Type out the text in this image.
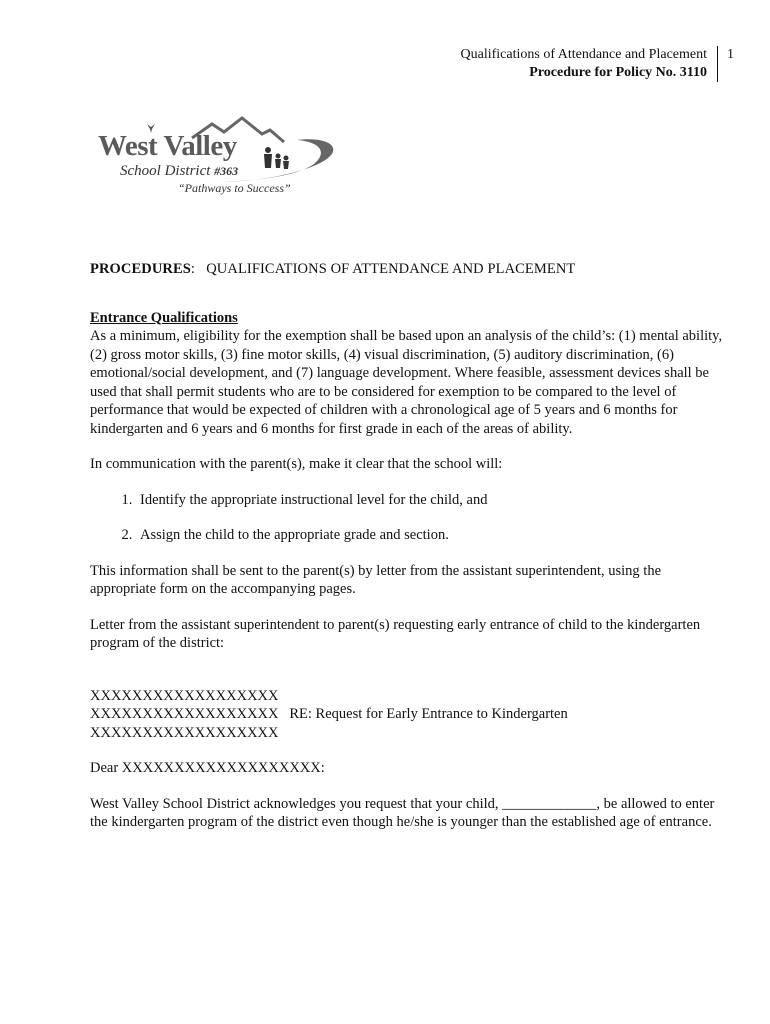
Qualifications of Attendance and Placement
Procedure for Policy No. 3110
1
West Valley
School District #363
“Pathways to Success”
PROCEDURES: QUALIFICATIONS OF ATTENDANCE AND PLACEMENT
Entrance Qualifications

As a minimum, eligibility for the exemption shall be based upon an analysis of the child’s: (1) mental ability, (2) gross motor skills, (3) fine motor skills, (4) visual discrimination, (5) auditory discrimination, (6) emotional/social development, and (7) language development. Where feasible, assessment devices shall be used that shall permit students who are to be considered for exemption to be compared to the level of performance that would be expected of children with a chronological age of 5 years and 6 months for kindergarten and 6 years and 6 months for first grade in each of the areas of ability.

In communication with the parent(s), make it clear that the school will:

1. Identify the appropriate instructional level for the child, and
2. Assign the child to the appropriate grade and section.

This information shall be sent to the parent(s) by letter from the assistant superintendent, using the appropriate form on the accompanying pages.

Letter from the assistant superintendent to parent(s) requesting early entrance of child to the kindergarten program of the district:

XXXXXXXXXXXXXXXXXX
XXXXXXXXXXXXXXXXXX RE: Request for Early Entrance to Kindergarten
XXXXXXXXXXXXXXXXXX

Dear XXXXXXXXXXXXXXXXXXX:

West Valley School District acknowledges you request that your child, _____________, be allowed to enter the kindergarten program of the district even though he/she is younger than the established age of entrance.
